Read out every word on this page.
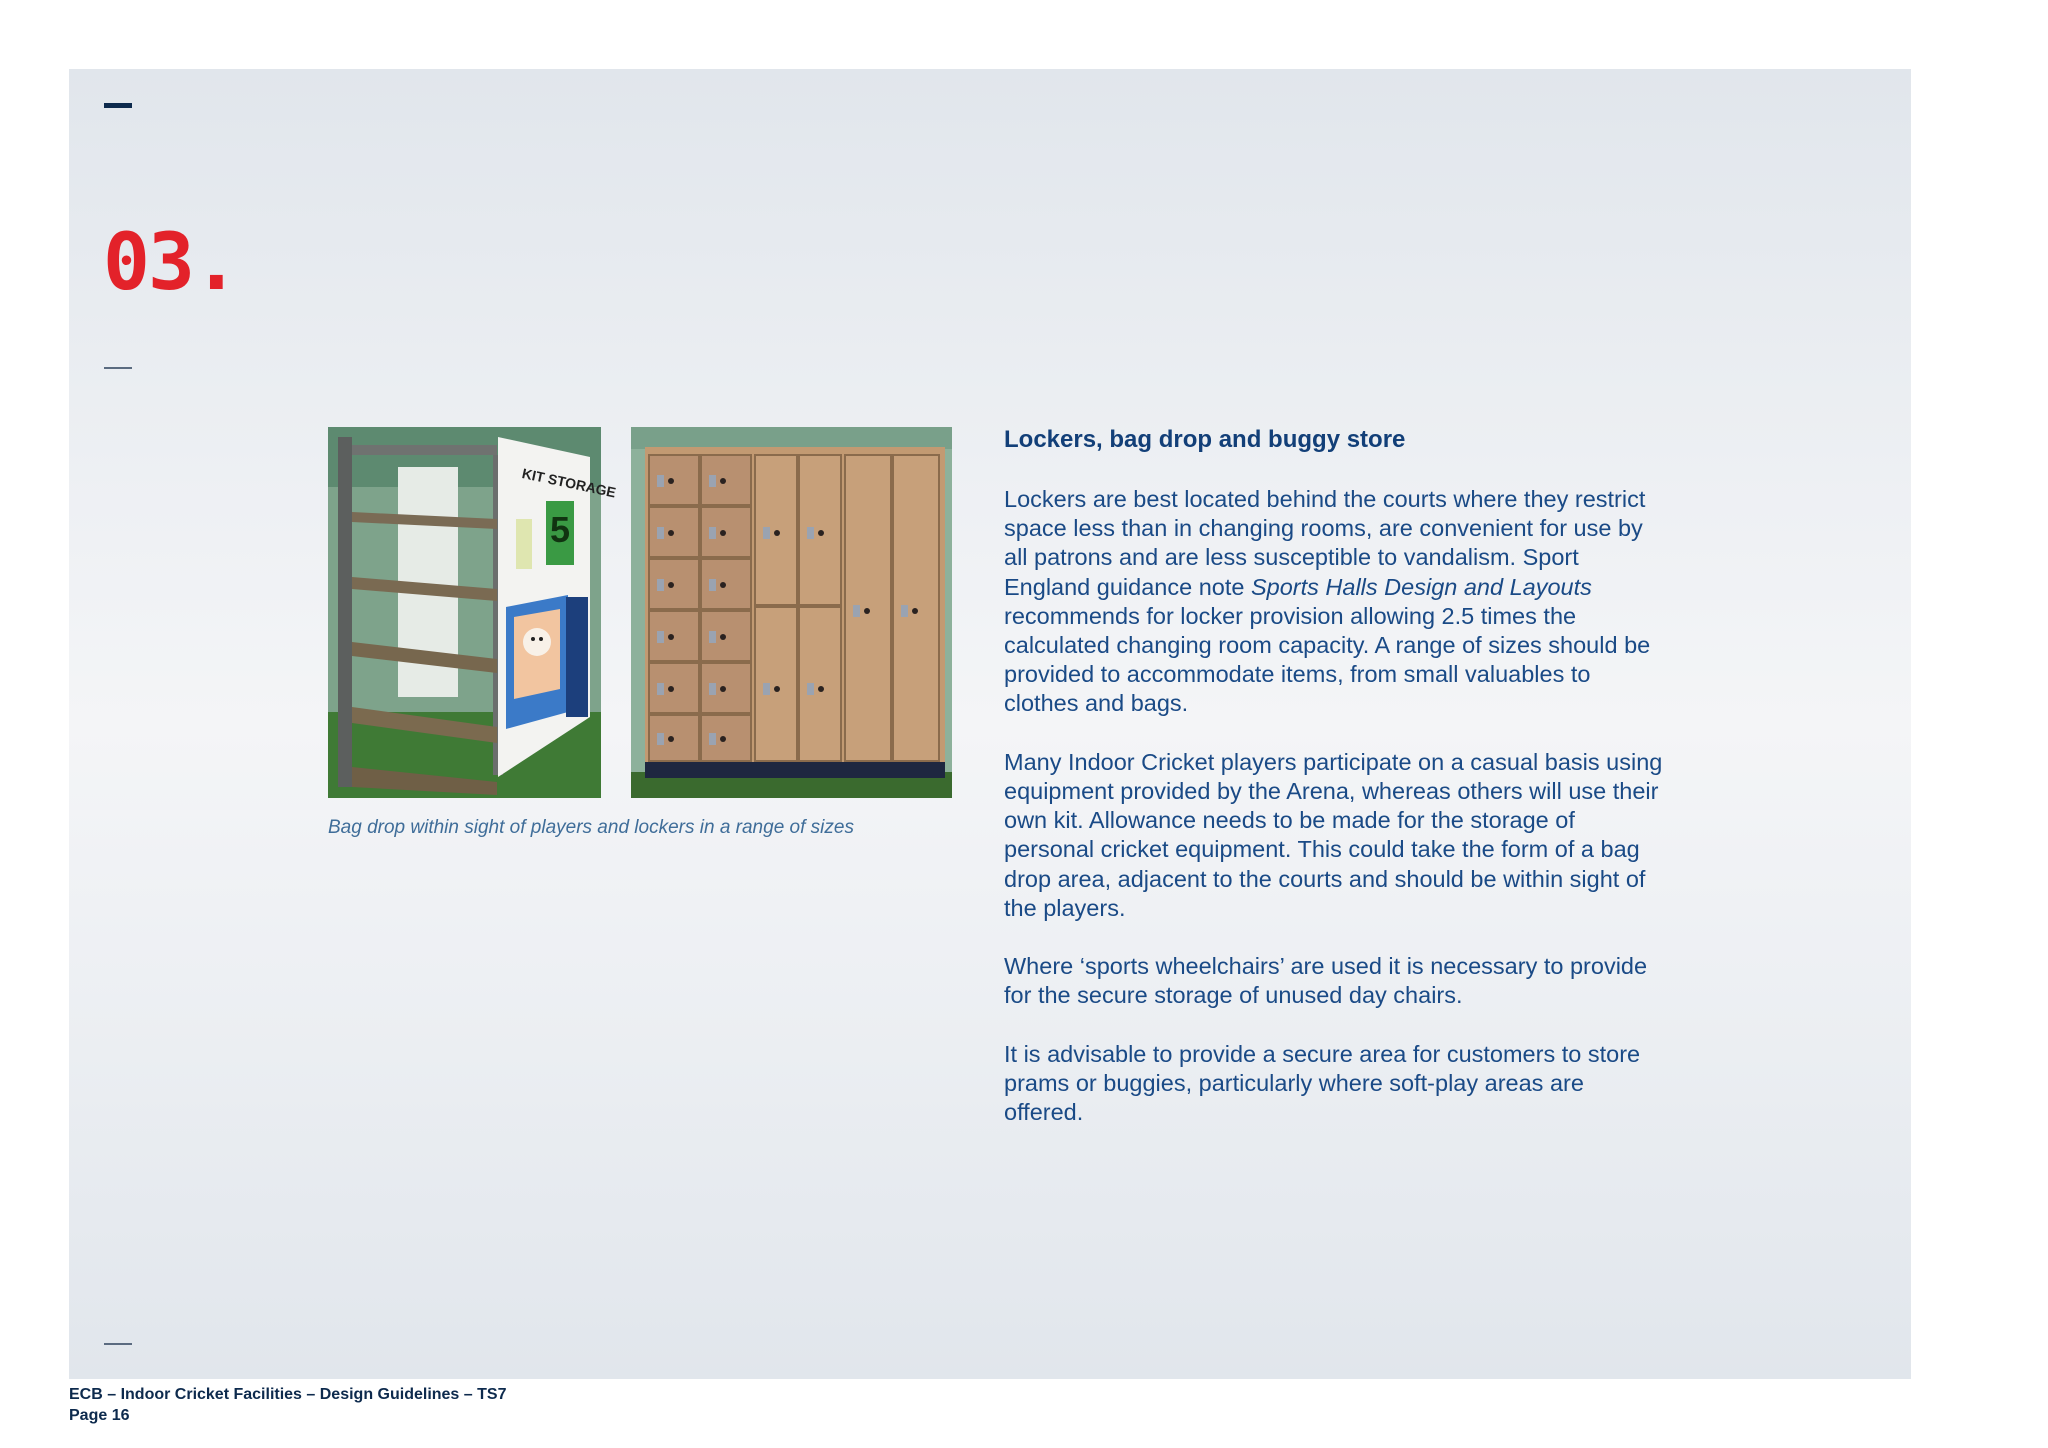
03.
KIT STORAGE
5
Bag drop within sight of players and lockers in a range of sizes
Lockers, bag drop and buggy store

Lockers are best located behind the courts where they restrict space less than in changing rooms, are convenient for use by all patrons and are less susceptible to vandalism. Sport England guidance note Sports Halls Design and Layouts recommends for locker provision allowing 2.5 times the calculated changing room capacity. A range of sizes should be provided to accommodate items, from small valuables to clothes and bags.

Many Indoor Cricket players participate on a casual basis using equipment provided by the Arena, whereas others will use their own kit. Allowance needs to be made for the storage of personal cricket equipment. This could take the form of a bag drop area, adjacent to the courts and should be within sight of the players.

Where ‘sports wheelchairs’ are used it is necessary to provide for the secure storage of unused day chairs.

It is advisable to provide a secure area for customers to store prams or buggies, particularly where soft-play areas are offered.

ECB – Indoor Cricket Facilities – Design Guidelines – TS7
Page 16
